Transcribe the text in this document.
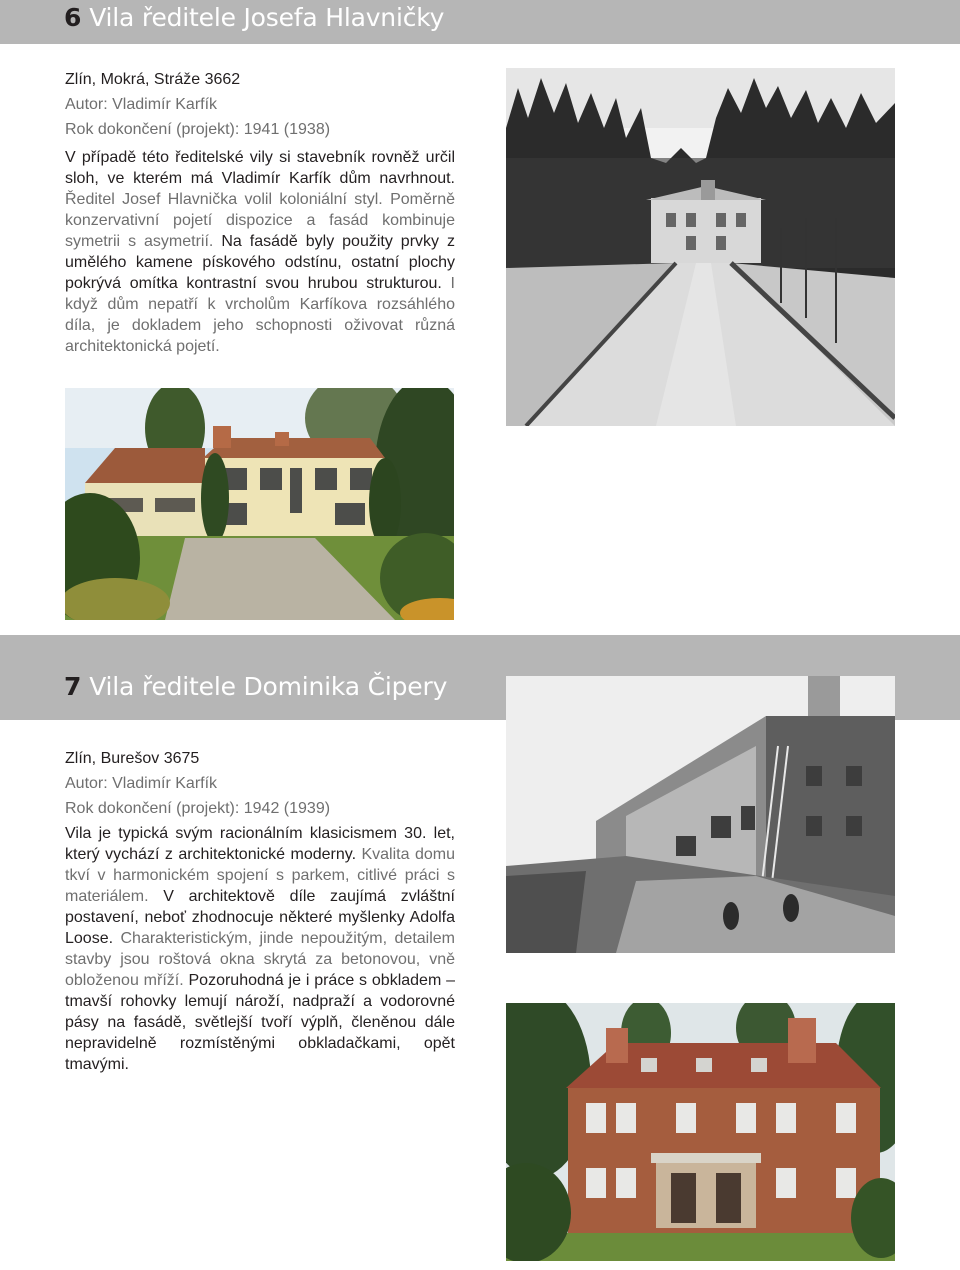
6 Vila ředitele Josefa Hlavničky

Zlín, Mokrá, Stráže 3662

Autor: Vladimír Karfík

Rok dokončení (projekt): 1941 (1938)

V případě této ředitelské vily si stavebník rovněž určil sloh, ve kterém má Vladimír Karfík dům navrhnout. Ředitel Josef Hlavnička volil koloniální styl. Poměrně konzervativní pojetí dispozice a fasád kombinuje symetrii s asymetrií. Na fasádě byly použity prvky z umělého kamene pískového odstínu, ostatní plochy pokrývá omítka kontrastní svou hrubou strukturou. I když dům nepatří k vrcholům Karfíkova rozsáhlého díla, je dokladem jeho schopnosti oživovat různá architektonická pojetí.

7 Vila ředitele Dominika Čipery

Zlín, Burešov 3675

Autor: Vladimír Karfík

Rok dokončení (projekt): 1942 (1939)

Vila je typická svým racionálním klasicismem 30. let, který vychází z architektonické moderny. Kvalita domu tkví v harmonickém spojení s parkem, citlivé práci s materiálem. V architektově díle zaujímá zvláštní postavení, neboť zhodnocuje některé myšlenky Adolfa Loose. Charakteristickým, jinde nepoužitým, detailem stavby jsou roštová okna skrytá za betonovou, vně obloženou mříží. Pozoruhodná je i práce s obkladem – tmavší rohovky lemují nároží, nadpraží a vodorovné pásy na fasádě, světlejší tvoří výplň, členěnou dále nepravidelně rozmístěnými obkladačkami, opět tmavými.
